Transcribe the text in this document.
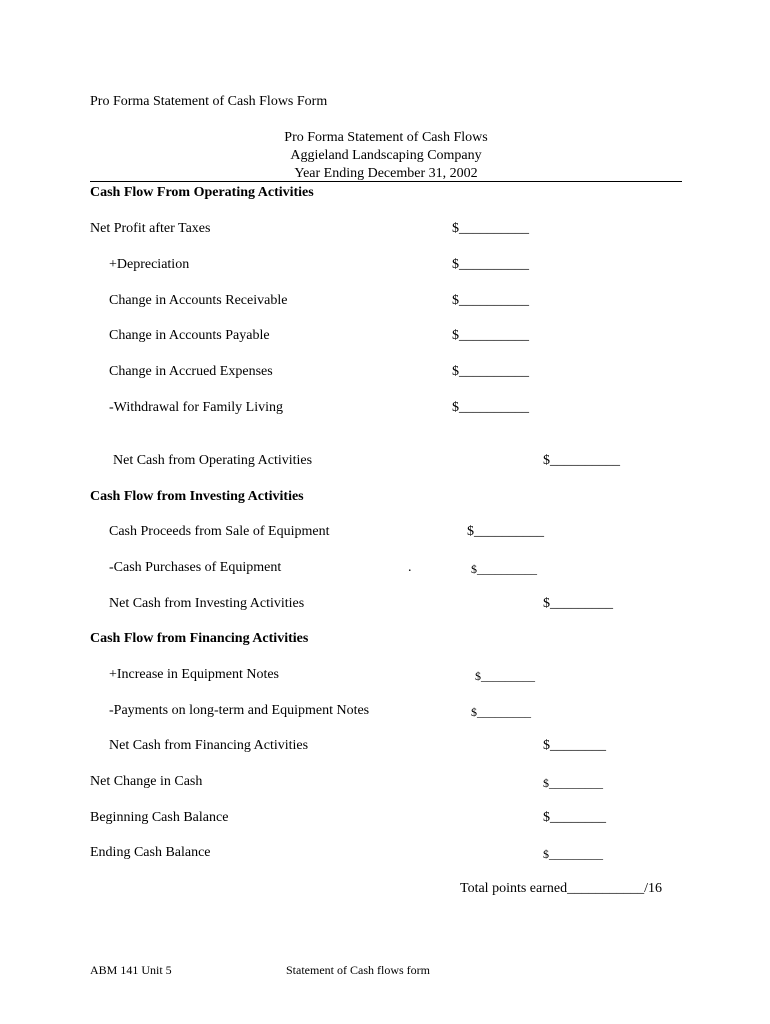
Pro Forma Statement of Cash Flows Form
Pro Forma Statement of Cash Flows
Aggieland Landscaping Company
Year Ending December 31, 2002
Cash Flow From Operating Activities
Net Profit after Taxes	$__________
+Depreciation	$__________
Change in Accounts Receivable	$__________
Change in Accounts Payable	$__________
Change in Accrued Expenses	$__________
-Withdrawal for Family Living	$__________
Net Cash from Operating Activities	$__________
Cash Flow from Investing Activities
Cash Proceeds from Sale of Equipment	$__________
-Cash Purchases of Equipment	.	$__________
Net Cash from Investing Activities	$_________
Cash Flow from Financing Activities
+Increase in Equipment Notes	$_________
-Payments on long-term and Equipment Notes	$_________
Net Cash from Financing Activities	$________
Net Change in Cash	$_________
Beginning Cash Balance	$________
Ending Cash Balance	$_________
Total points earned___________/16
ABM 141 Unit 5	Statement of Cash flows form
